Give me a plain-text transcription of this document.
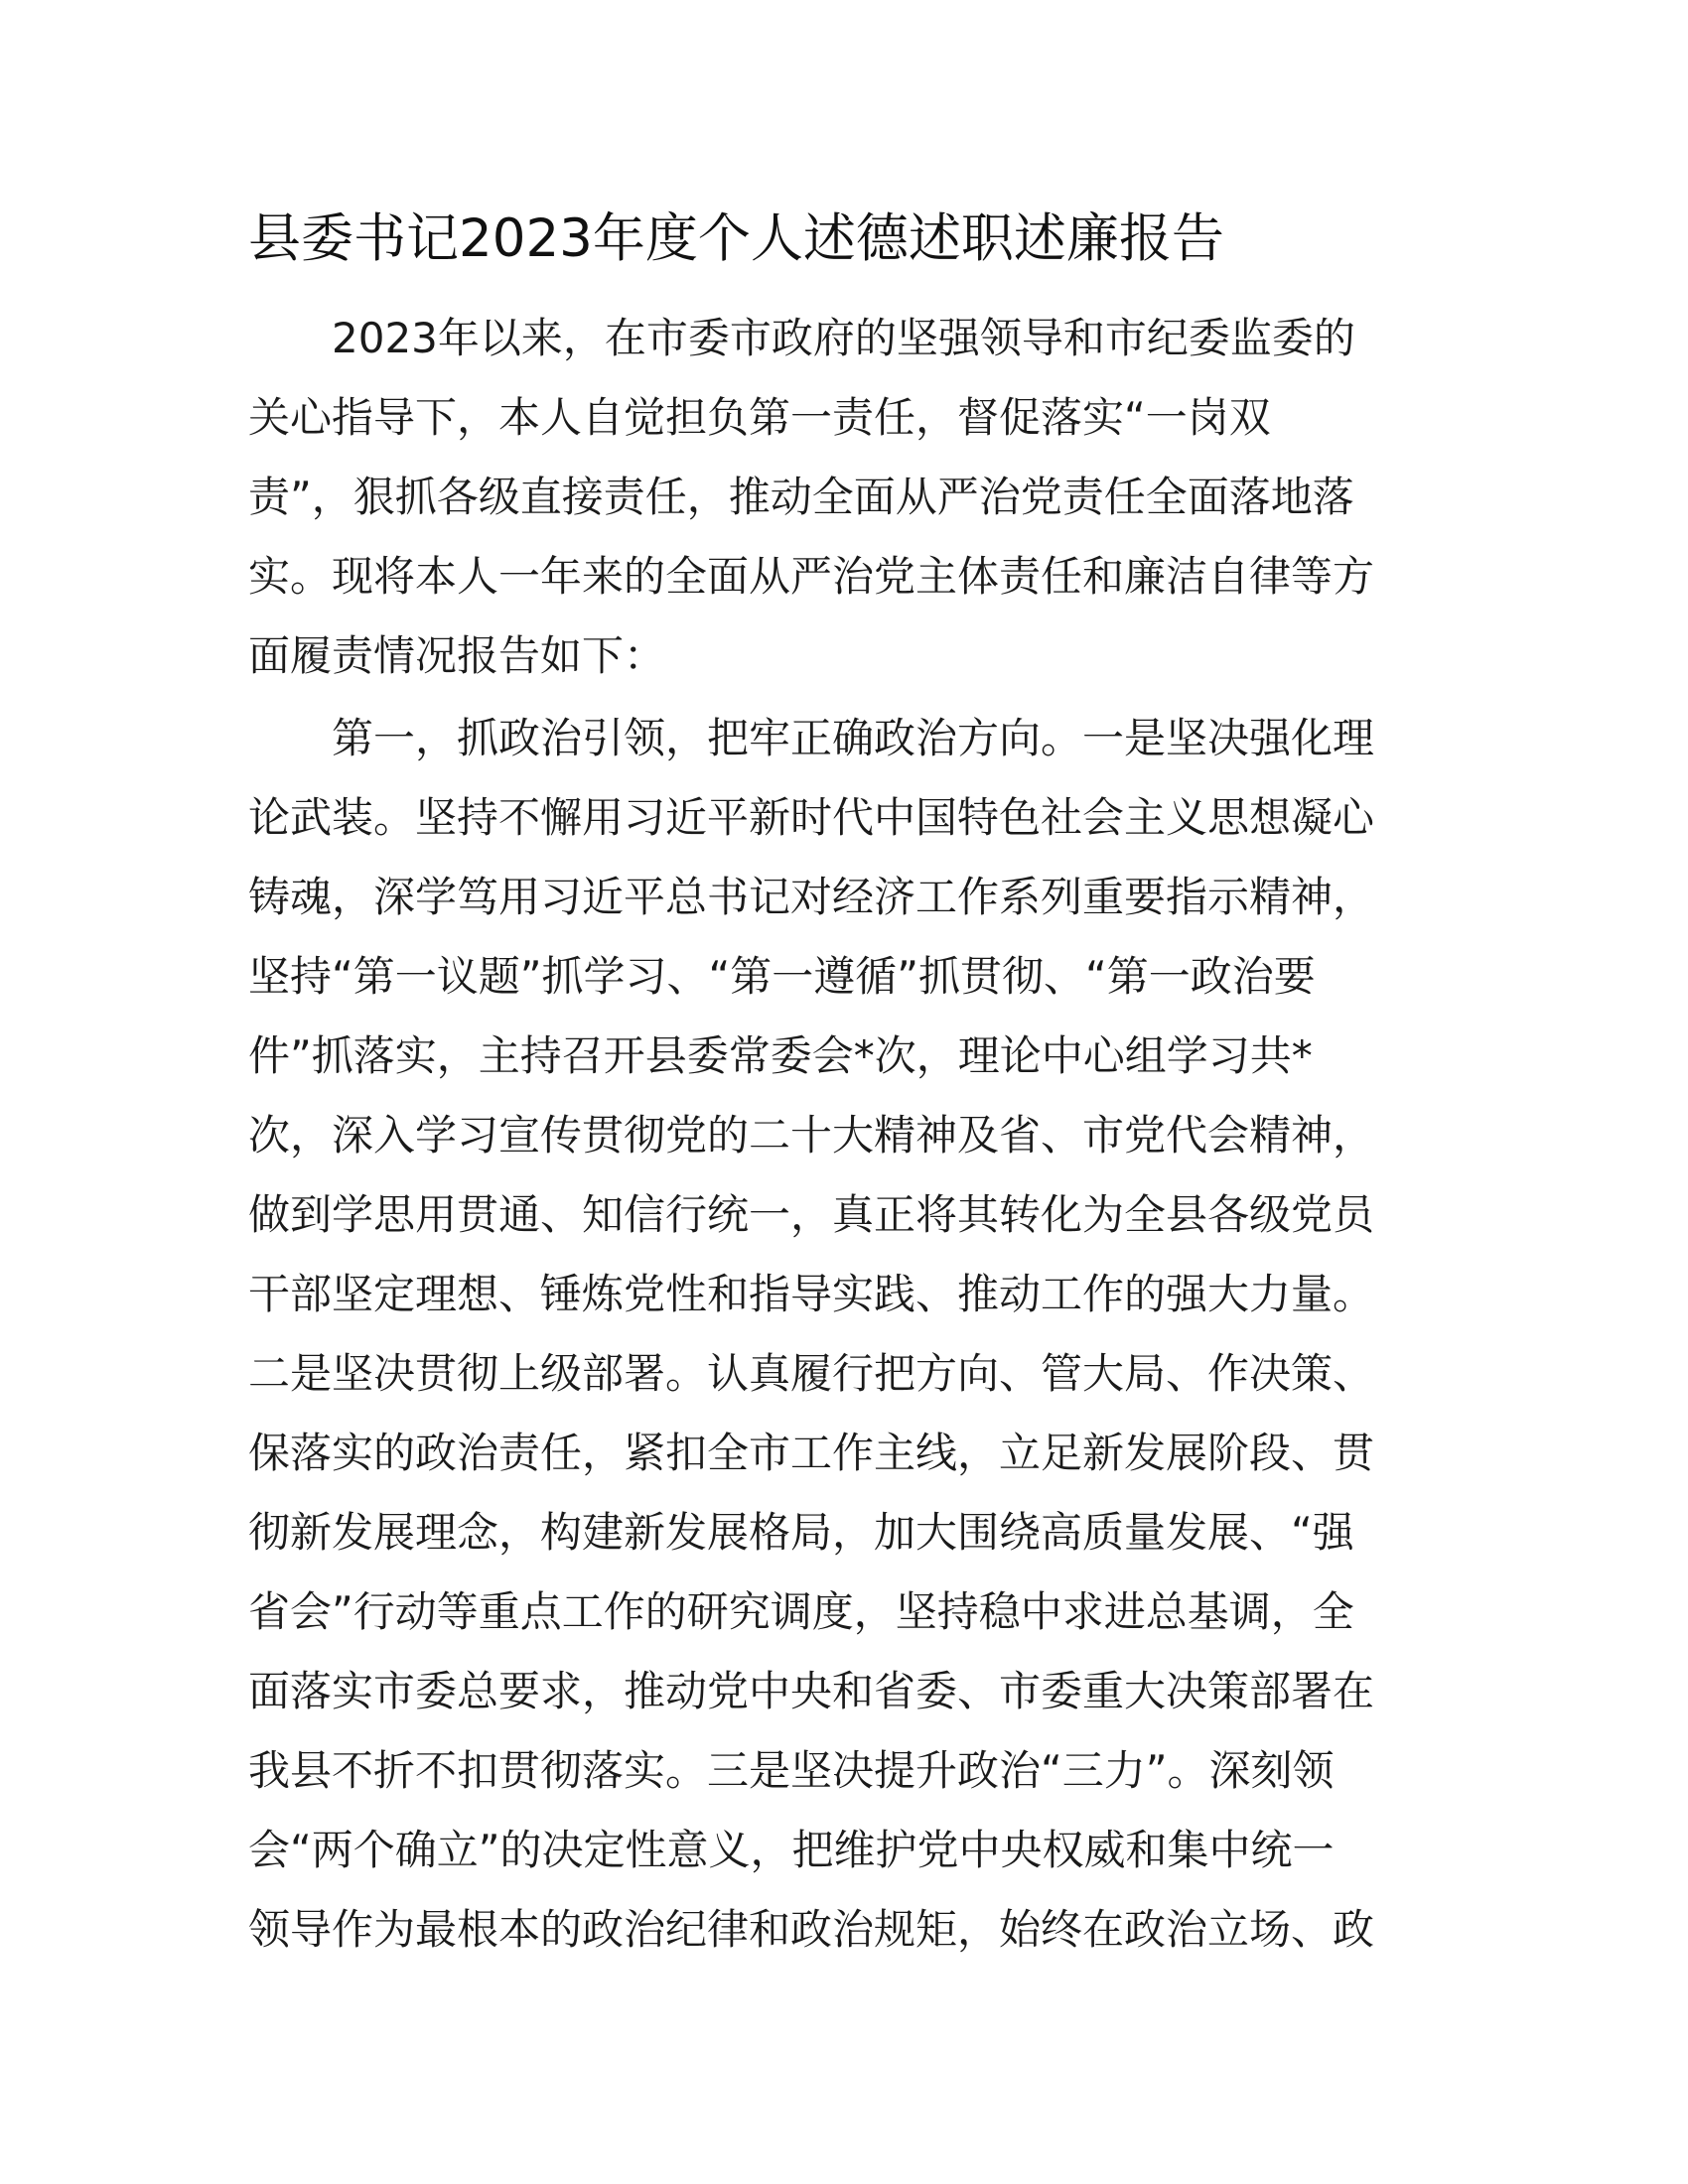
县委书记2023年度个人述德述职述廉报告
2023年以来，在市委市政府的坚强领导和市纪委监委的
关心指导下，本人自觉担负第一责任，督促落实“一岗双
责”，狠抓各级直接责任，推动全面从严治党责任全面落地落
实。现将本人一年来的全面从严治党主体责任和廉洁自律等方
面履责情况报告如下：
第一，抓政治引领，把牢正确政治方向。一是坚决强化理
论武装。坚持不懈用习近平新时代中国特色社会主义思想凝心
铸魂，深学笃用习近平总书记对经济工作系列重要指示精神，
坚持“第一议题”抓学习、“第一遵循”抓贯彻、“第一政治要
件”抓落实，主持召开县委常委会*次，理论中心组学习共*
次，深入学习宣传贯彻党的二十大精神及省、市党代会精神，
做到学思用贯通、知信行统一，真正将其转化为全县各级党员
干部坚定理想、锤炼党性和指导实践、推动工作的强大力量。
二是坚决贯彻上级部署。认真履行把方向、管大局、作决策、
保落实的政治责任，紧扣全市工作主线，立足新发展阶段、贯
彻新发展理念，构建新发展格局，加大围绕高质量发展、“强
省会”行动等重点工作的研究调度，坚持稳中求进总基调，全
面落实市委总要求，推动党中央和省委、市委重大决策部署在
我县不折不扣贯彻落实。三是坚决提升政治“三力”。深刻领
会“两个确立”的决定性意义，把维护党中央权威和集中统一
领导作为最根本的政治纪律和政治规矩，始终在政治立场、政
